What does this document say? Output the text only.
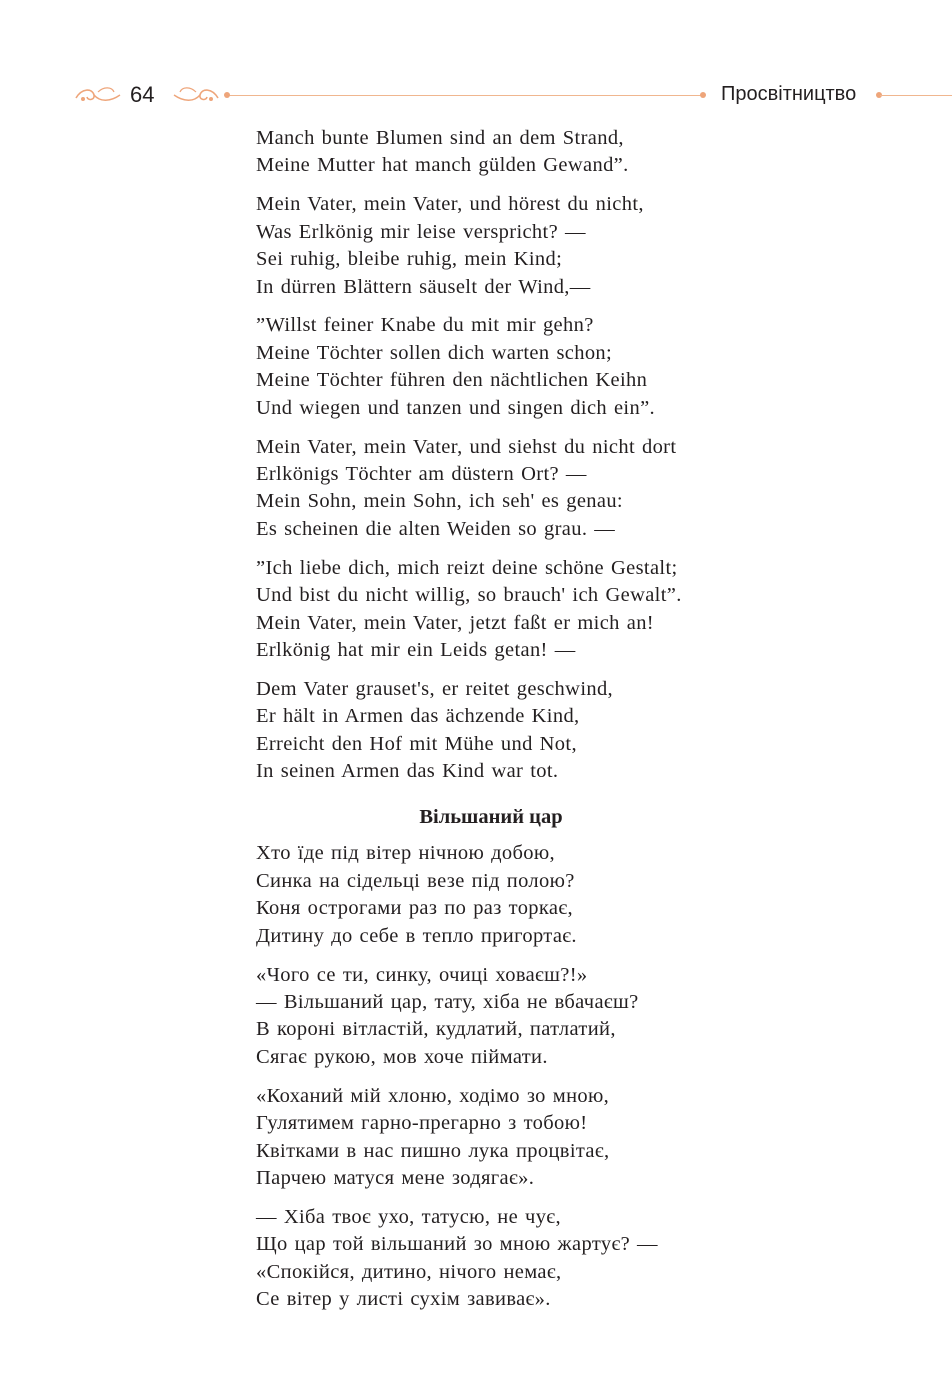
64	Просвітництво
Manch bunte Blumen sind an dem Strand,
Meine Mutter hat manch gülden Gewand”.
Mein Vater, mein Vater, und hörest du nicht,
Was Erlkönig mir leise verspricht? —
Sei ruhig, bleibe ruhig, mein Kind;
In dürren Blättern säuselt der Wind,—
”Willst feiner Knabe du mit mir gehn?
Meine Töchter sollen dich warten schon;
Meine Töchter führen den nächtlichen Keihn
Und wiegen und tanzen und singen dich ein”.
Mein Vater, mein Vater, und siehst du nicht dort
Erlkönigs Töchter am düstern Ort? —
Mein Sohn, mein Sohn, ich seh' es genau:
Es scheinen die alten Weiden so grau. —
”Ich liebe dich, mich reizt deine schöne Gestalt;
Und bist du nicht willig, so brauch' ich Gewalt”.
Mein Vater, mein Vater, jetzt faßt er mich an!
Erlkönig hat mir ein Leids getan! —
Dem Vater grauset's, er reitet geschwind,
Er hält in Armen das ächzende Kind,
Erreicht den Hof mit Mühe und Not,
In seinen Armen das Kind war tot.
Вільшаний цар
Хто їде під вітер нічною добою,
Синка на сідельці везе під полою?
Коня острогами раз по раз торкає,
Дитину до себе в тепло пригортає.
«Чого се ти, синку, очиці ховаєш?!»
— Вільшаний цар, тату, хіба не вбачаєш?
В короні вітластій, кудлатий, патлатий,
Сягає рукою, мов хоче піймати.
«Коханий мій хлоню, ходімо зо мною,
Гулятимем гарно-прегарно з тобою!
Квітками в нас пишно лука процвітає,
Парчею матуся мене зодягає».
— Хіба твоє ухо, татусю, не чує,
Що цар той вільшаний зо мною жартує? —
«Спокійся, дитино, нічого немає,
Се вітер у листі сухім завиває».
